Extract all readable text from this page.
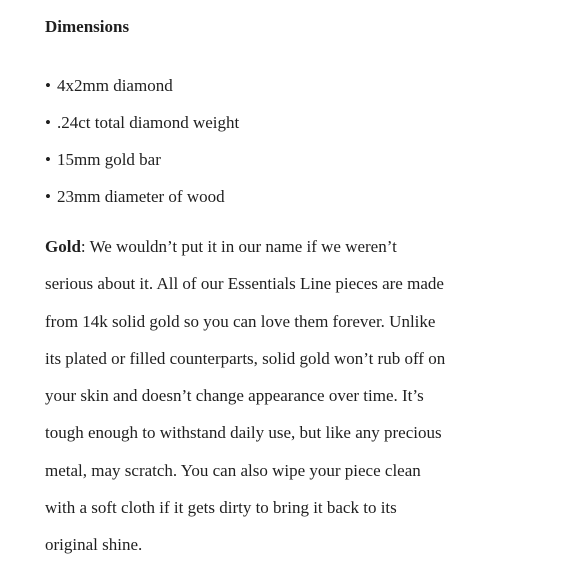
Dimensions
• 4x2mm diamond
• .24ct total diamond weight
• 15mm gold bar
• 23mm diameter of wood

Gold: We wouldn’t put it in our name if we weren’t
serious about it. All of our Essentials Line pieces are made
from 14k solid gold so you can love them forever. Unlike
its plated or filled counterparts, solid gold won’t rub off on
your skin and doesn’t change appearance over time. It’s
tough enough to withstand daily use, but like any precious
metal, may scratch. You can also wipe your piece clean
with a soft cloth if it gets dirty to bring it back to its
original shine.
